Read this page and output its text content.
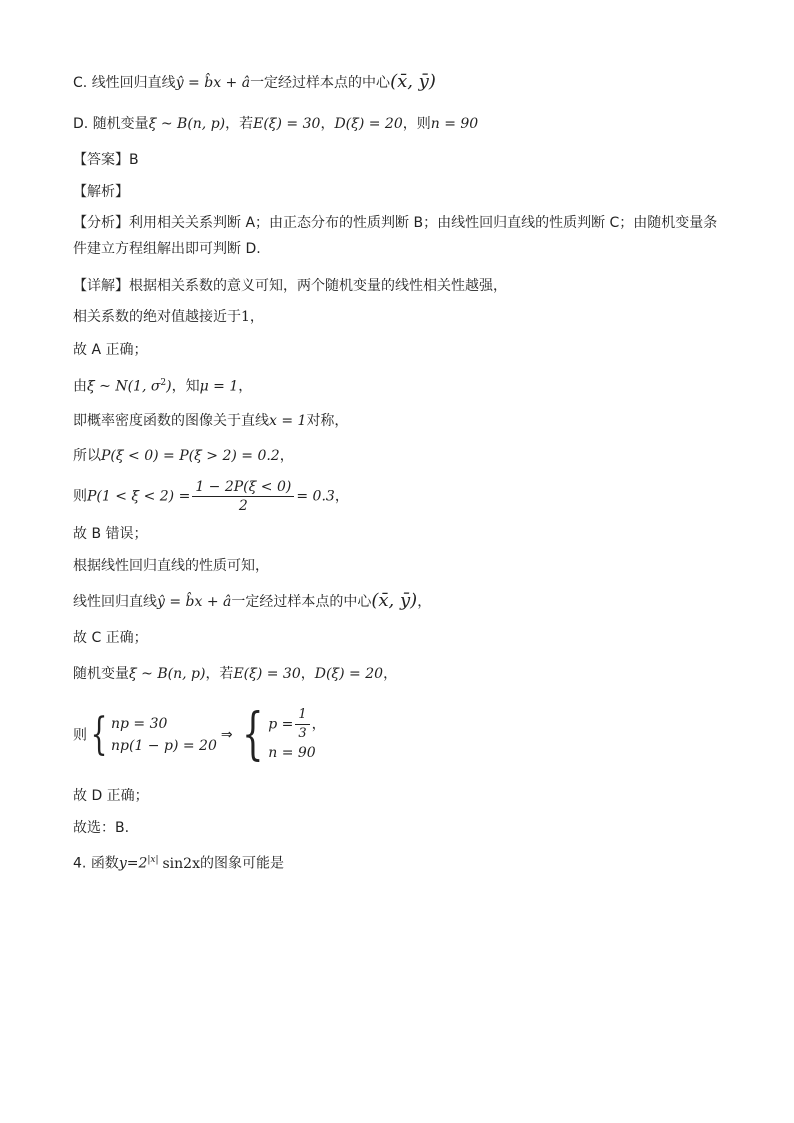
C. 线性回归直线ŷ = b̂x + â一定经过样本点的中心(x̄, ȳ)
D. 随机变量ξ ~ B(n, p)，若E(ξ) = 30，D(ξ) = 20，则n = 90
【答案】B
【解析】
【分析】利用相关关系判断 A；由正态分布的性质判断 B；由线性回归直线的性质判断 C；由随机变量条件建立方程组解出即可判断 D.
【详解】根据相关系数的意义可知，两个随机变量的线性相关性越强，
相关系数的绝对值越接近于1，
故 A 正确；
由ξ ~ N(1, $\sigma^2$)，知μ = 1，
即概率密度函数的图像关于直线x = 1对称，
所以P(ξ < 0) = P(ξ > 2) = 0.2，
则$P(1 < \xi < 2) = \frac{1 - 2P(\xi < 0)}{2} = 0.3$，
故 B 错误；
根据线性回归直线的性质可知，
线性回归直线ŷ = b̂x + â一定经过样本点的中心(x̄, ȳ)，
故 C 正确；
随机变量ξ ~ B(n, p)，若E(ξ) = 30，D(ξ) = 20，
则{ np = 30
np(1 − p) = 20
⇒ { $p = \frac{1}{3}$ ，
n = 90
故 D 正确；
故选：B.
4. 函数$y=2^{|x|}$ sin2x的图象可能是
